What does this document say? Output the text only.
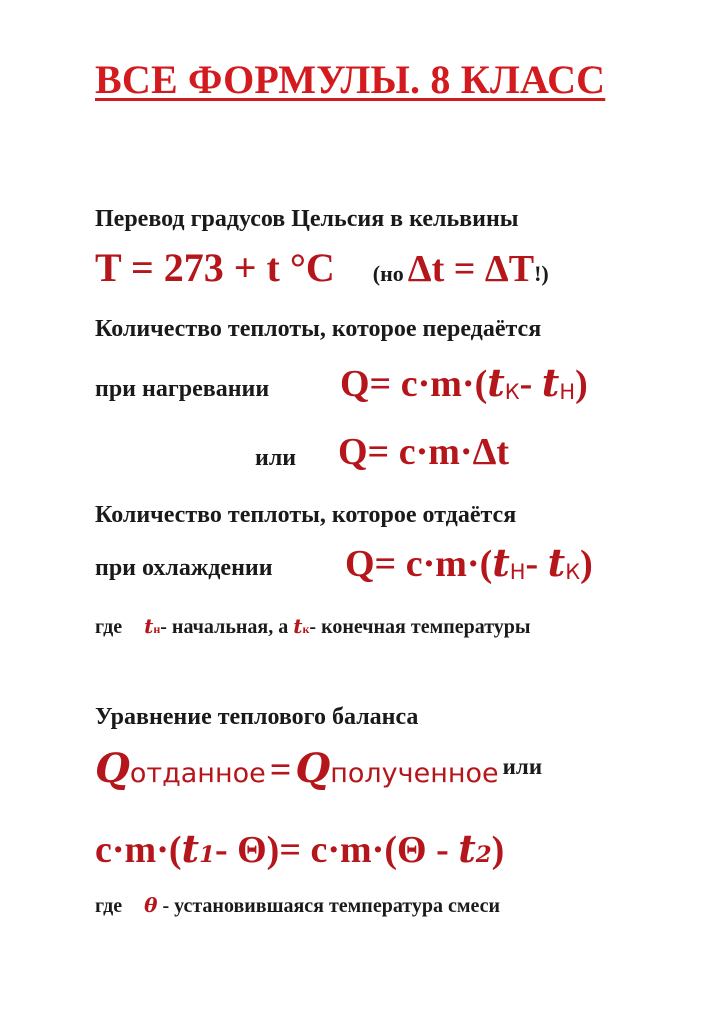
ВСЕ ФОРМУЛЫ. 8 КЛАСС
Перевод градусов Цельсия в кельвины
T = 273 + t °C (но Δt = ΔT!)
Количество теплоты, которое передаётся
при нагревании Q= c·m·(tК- tН)
или Q= c·m·Δt
Количество теплоты, которое отдаётся
при охлаждении Q= c·m·(tН- tК)
где tн- начальная, а tк- конечная температуры
Уравнение теплового баланса
Qотданное = Qполученное или
c·m·(t1- Θ)= c·m·(Θ - t2)
где θ - установившаяся температура смеси
